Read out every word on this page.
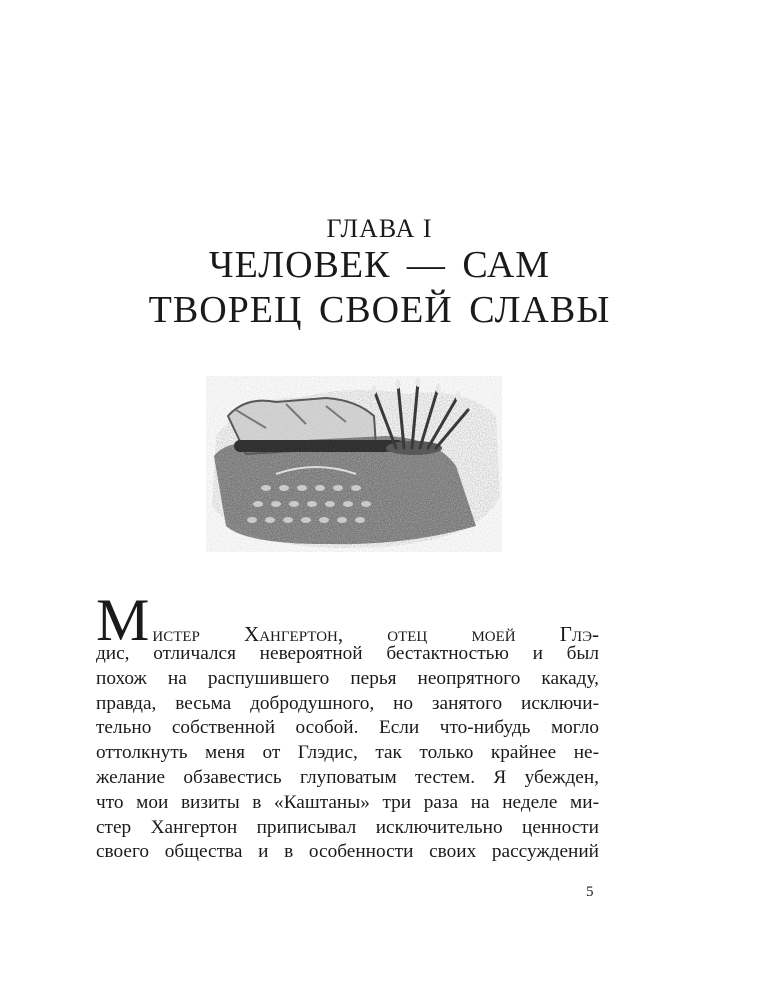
ГЛАВА I
ЧЕЛОВЕК — САМ
ТВОРЕЦ СВОЕЙ СЛАВЫ
М истер Хангертон, отец моей Глэ-
дис, отличался невероятной бестактностью и был
похож на распушившего перья неопрятного какаду,
правда, весьма добродушного, но занятого исключи-
тельно собственной особой. Если что-нибудь могло
оттолкнуть меня от Глэдис, так только крайнее не-
желание обзавестись глуповатым тестем. Я убежден,
что мои визиты в «Каштаны» три раза на неделе ми-
стер Хангертон приписывал исключительно ценности
своего общества и в особенности своих рассуждений
5
